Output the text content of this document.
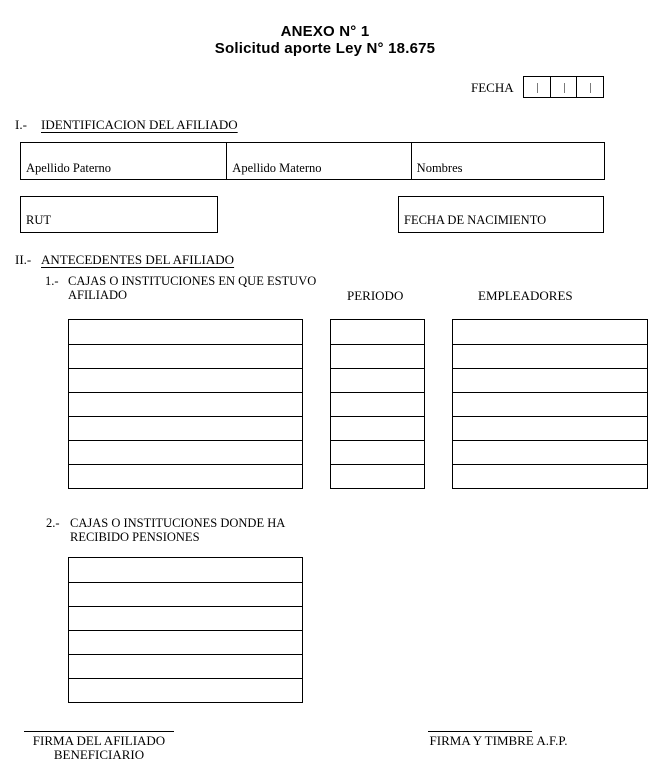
ANEXO N° 1
Solicitud aporte Ley N° 18.675
FECHA
I.- IDENTIFICACION DEL AFILIADO
Apellido Paterno	Apellido Materno	Nombres
RUT	FECHA DE NACIMIENTO
II.- ANTECEDENTES DEL AFILIADO
1.- CAJAS O INSTITUCIONES EN QUE ESTUVO
AFILIADO	PERIODO	EMPLEADORES
2.- CAJAS O INSTITUCIONES DONDE HA
RECIBIDO PENSIONES
FIRMA DEL AFILIADO
BENEFICIARIO
FIRMA Y TIMBRE A.F.P.
